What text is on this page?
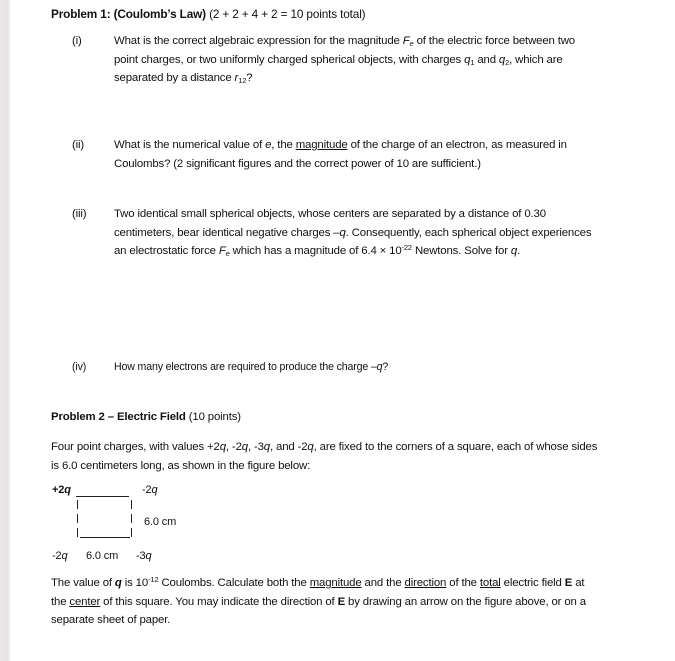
Problem 1: (Coulomb’s Law) (2 + 2 + 4 + 2 = 10 points total)
(i)	What is the correct algebraic expression for the magnitude $F_e$ of the electric force between two
point charges, or two uniformly charged spherical objects, with charges $q_1$ and $q_2$, which are
separated by a distance $r_{12}$?
(ii)	What is the numerical value of e, the magnitude of the charge of an electron, as measured in
Coulombs? (2 significant figures and the correct power of 10 are sufficient.)
(iii) Two identical small spherical objects, whose centers are separated by a distance of 0.30
centimeters, bear identical negative charges –q. Consequently, each spherical object experiences
an electrostatic force $F_e$ which has a magnitude of $6.4 \times 10^{-22}$ Newtons. Solve for q.
(iv)	How many electrons are required to produce the charge –q?
Problem 2 – Electric Field (10 points)
Four point charges, with values +2q, -2q, -3q, and -2q, are fixed to the corners of a square, each of whose sides
is 6.0 centimeters long, as shown in the figure below:
+2q	-2q
6.0 cm
-2q 6.0 cm -3q
The value of q is $10^{-12}$ Coulombs. Calculate both the magnitude and the direction of the total electric field E at
the center of this square. You may indicate the direction of E by drawing an arrow on the figure above, or on a
separate sheet of paper.
